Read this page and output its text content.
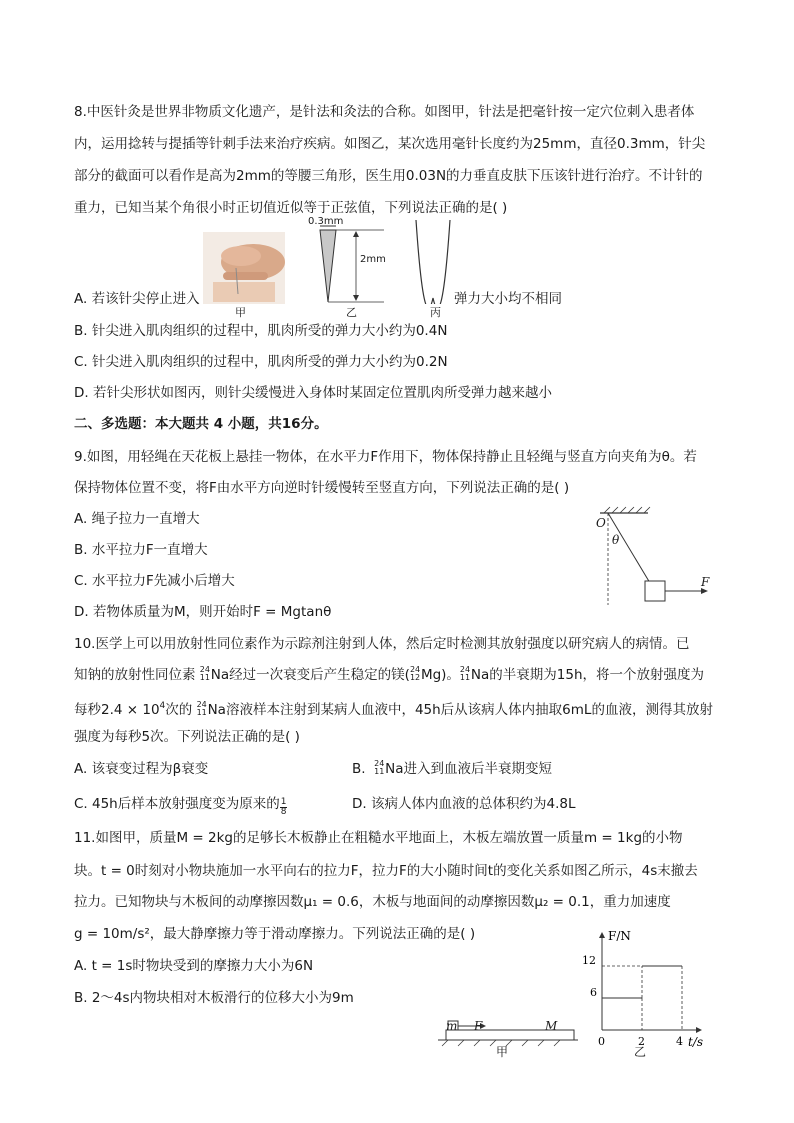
8.中医针灸是世界非物质文化遗产，是针法和灸法的合称。如图甲，针法是把毫针按一定穴位刺入患者体
内，运用捻转与提插等针刺手法来治疗疾病。如图乙，某次选用毫针长度约为25mm，直径0.3mm，针尖
部分的截面可以看作是高为2mm的等腰三角形，医生用0.03N的力垂直皮肤下压该针进行治疗。不计针的
重力，已知当某个角很小时正切值近似等于正弦值，下列说法正确的是( )
甲
0.3mm
2mm
乙	丙
A. 若该针尖停止进入	弹力大小均不相同
B. 针尖进入肌肉组织的过程中，肌肉所受的弹力大小约为0.4N
C. 针尖进入肌肉组织的过程中，肌肉所受的弹力大小约为0.2N
D. 若针尖形状如图丙，则针尖缓慢进入身体时某固定位置肌肉所受弹力越来越小
二、多选题：本大题共 4 小题，共16分。
9.如图，用轻绳在天花板上悬挂一物体，在水平力F作用下，物体保持静止且轻绳与竖直方向夹角为θ。若
保持物体位置不变，将F由水平方向逆时针缓慢转至竖直方向，下列说法正确的是( )
A. 绳子拉力一直增大
B. 水平拉力F一直增大
C. 水平拉力F先减小后增大
D. 若物体质量为M，则开始时F = Mgtanθ
O
θ
F
10.医学上可以用放射性同位素作为示踪剂注射到人体，然后定时检测其放射强度以研究病人的病情。已
知钠的放射性同位素 24
11 Na经过一次衰变后产生稳定的镁( 24
12 Mg)。 24
11 Na的半衰期为15h，将一个放射强度为
每秒$2.4 \times 10^4$次的 24
11 Na溶液样本注射到某病人血液中，45h后从该病人体内抽取6mL的血液，测得其放射
强度为每秒5次。下列说法正确的是( )
A. 该衰变过程为β衰变	B. 24
11 Na进入到血液后半衰期变短
C. 45h后样本放射强度变为原来的 $\frac{1}{8}$	D. 该病人体内血液的总体积约为4.8L
11.如图甲，质量M = 2kg的足够长木板静止在粗糙水平地面上，木板左端放置一质量m = 1kg的小物
块。t = 0时刻对小物块施加一水平向右的拉力F，拉力F的大小随时间t的变化关系如图乙所示，4s末撤去
拉力。已知物块与木板间的动摩擦因数μ₁ = 0.6，木板与地面间的动摩擦因数μ₂ = 0.1，重力加速度
g = 10m/s²，最大静摩擦力等于滑动摩擦力。下列说法正确的是( )
A. t = 1s时物块受到的摩擦力大小为6N
B. 2～4s内物块相对木板滑行的位移大小为9m
m F	M
甲
F/N
t/s
12
6
0	2	4
乙
